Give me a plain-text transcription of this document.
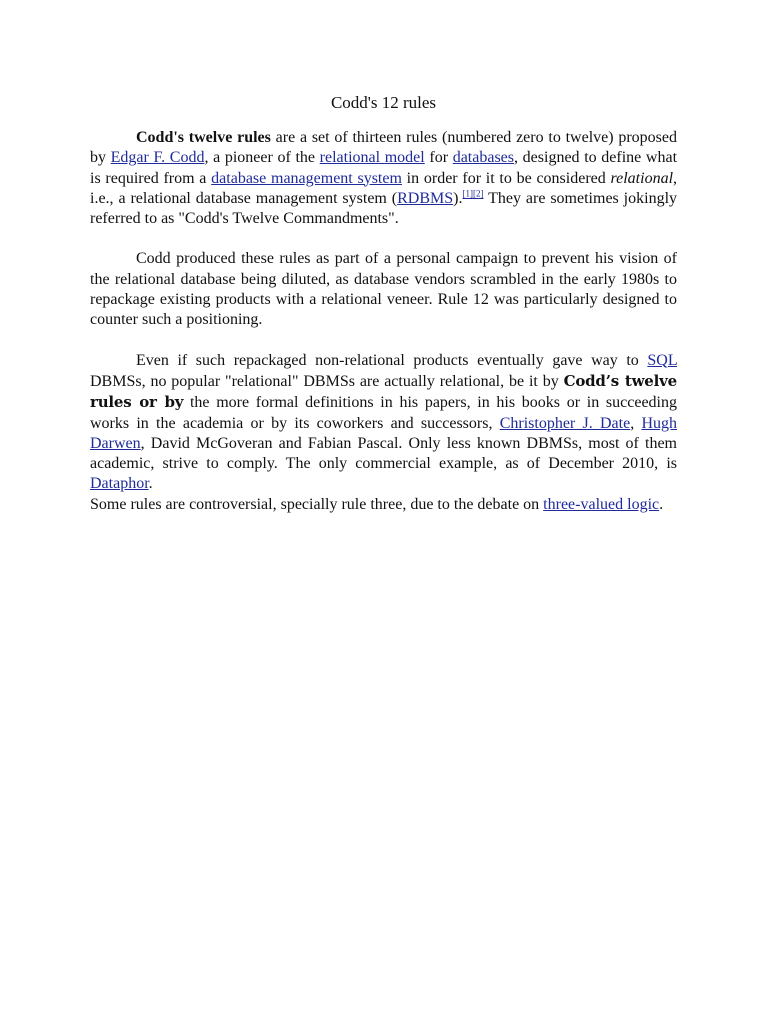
Codd's 12 rules

Codd's twelve rules are a set of thirteen rules (numbered zero to twelve) proposed by Edgar F. Codd, a pioneer of the relational model for databases, designed to define what is required from a database management system in order for it to be considered relational, i.e., a relational database management system (RDBMS).[1][2] They are sometimes jokingly referred to as "Codd's Twelve Commandments".

Codd produced these rules as part of a personal campaign to prevent his vision of the relational database being diluted, as database vendors scrambled in the early 1980s to repackage existing products with a relational veneer. Rule 12 was particularly designed to counter such a positioning.

Even if such repackaged non-relational products eventually gave way to SQL DBMSs, no popular "relational" DBMSs are actually relational, be it by Codd’s twelve rules or by the more formal definitions in his papers, in his books or in succeeding works in the academia or by its coworkers and successors, Christopher J. Date, Hugh Darwen, David McGoveran and Fabian Pascal. Only less known DBMSs, most of them academic, strive to comply. The only commercial example, as of December 2010, is Dataphor.

Some rules are controversial, specially rule three, due to the debate on three-valued logic.
